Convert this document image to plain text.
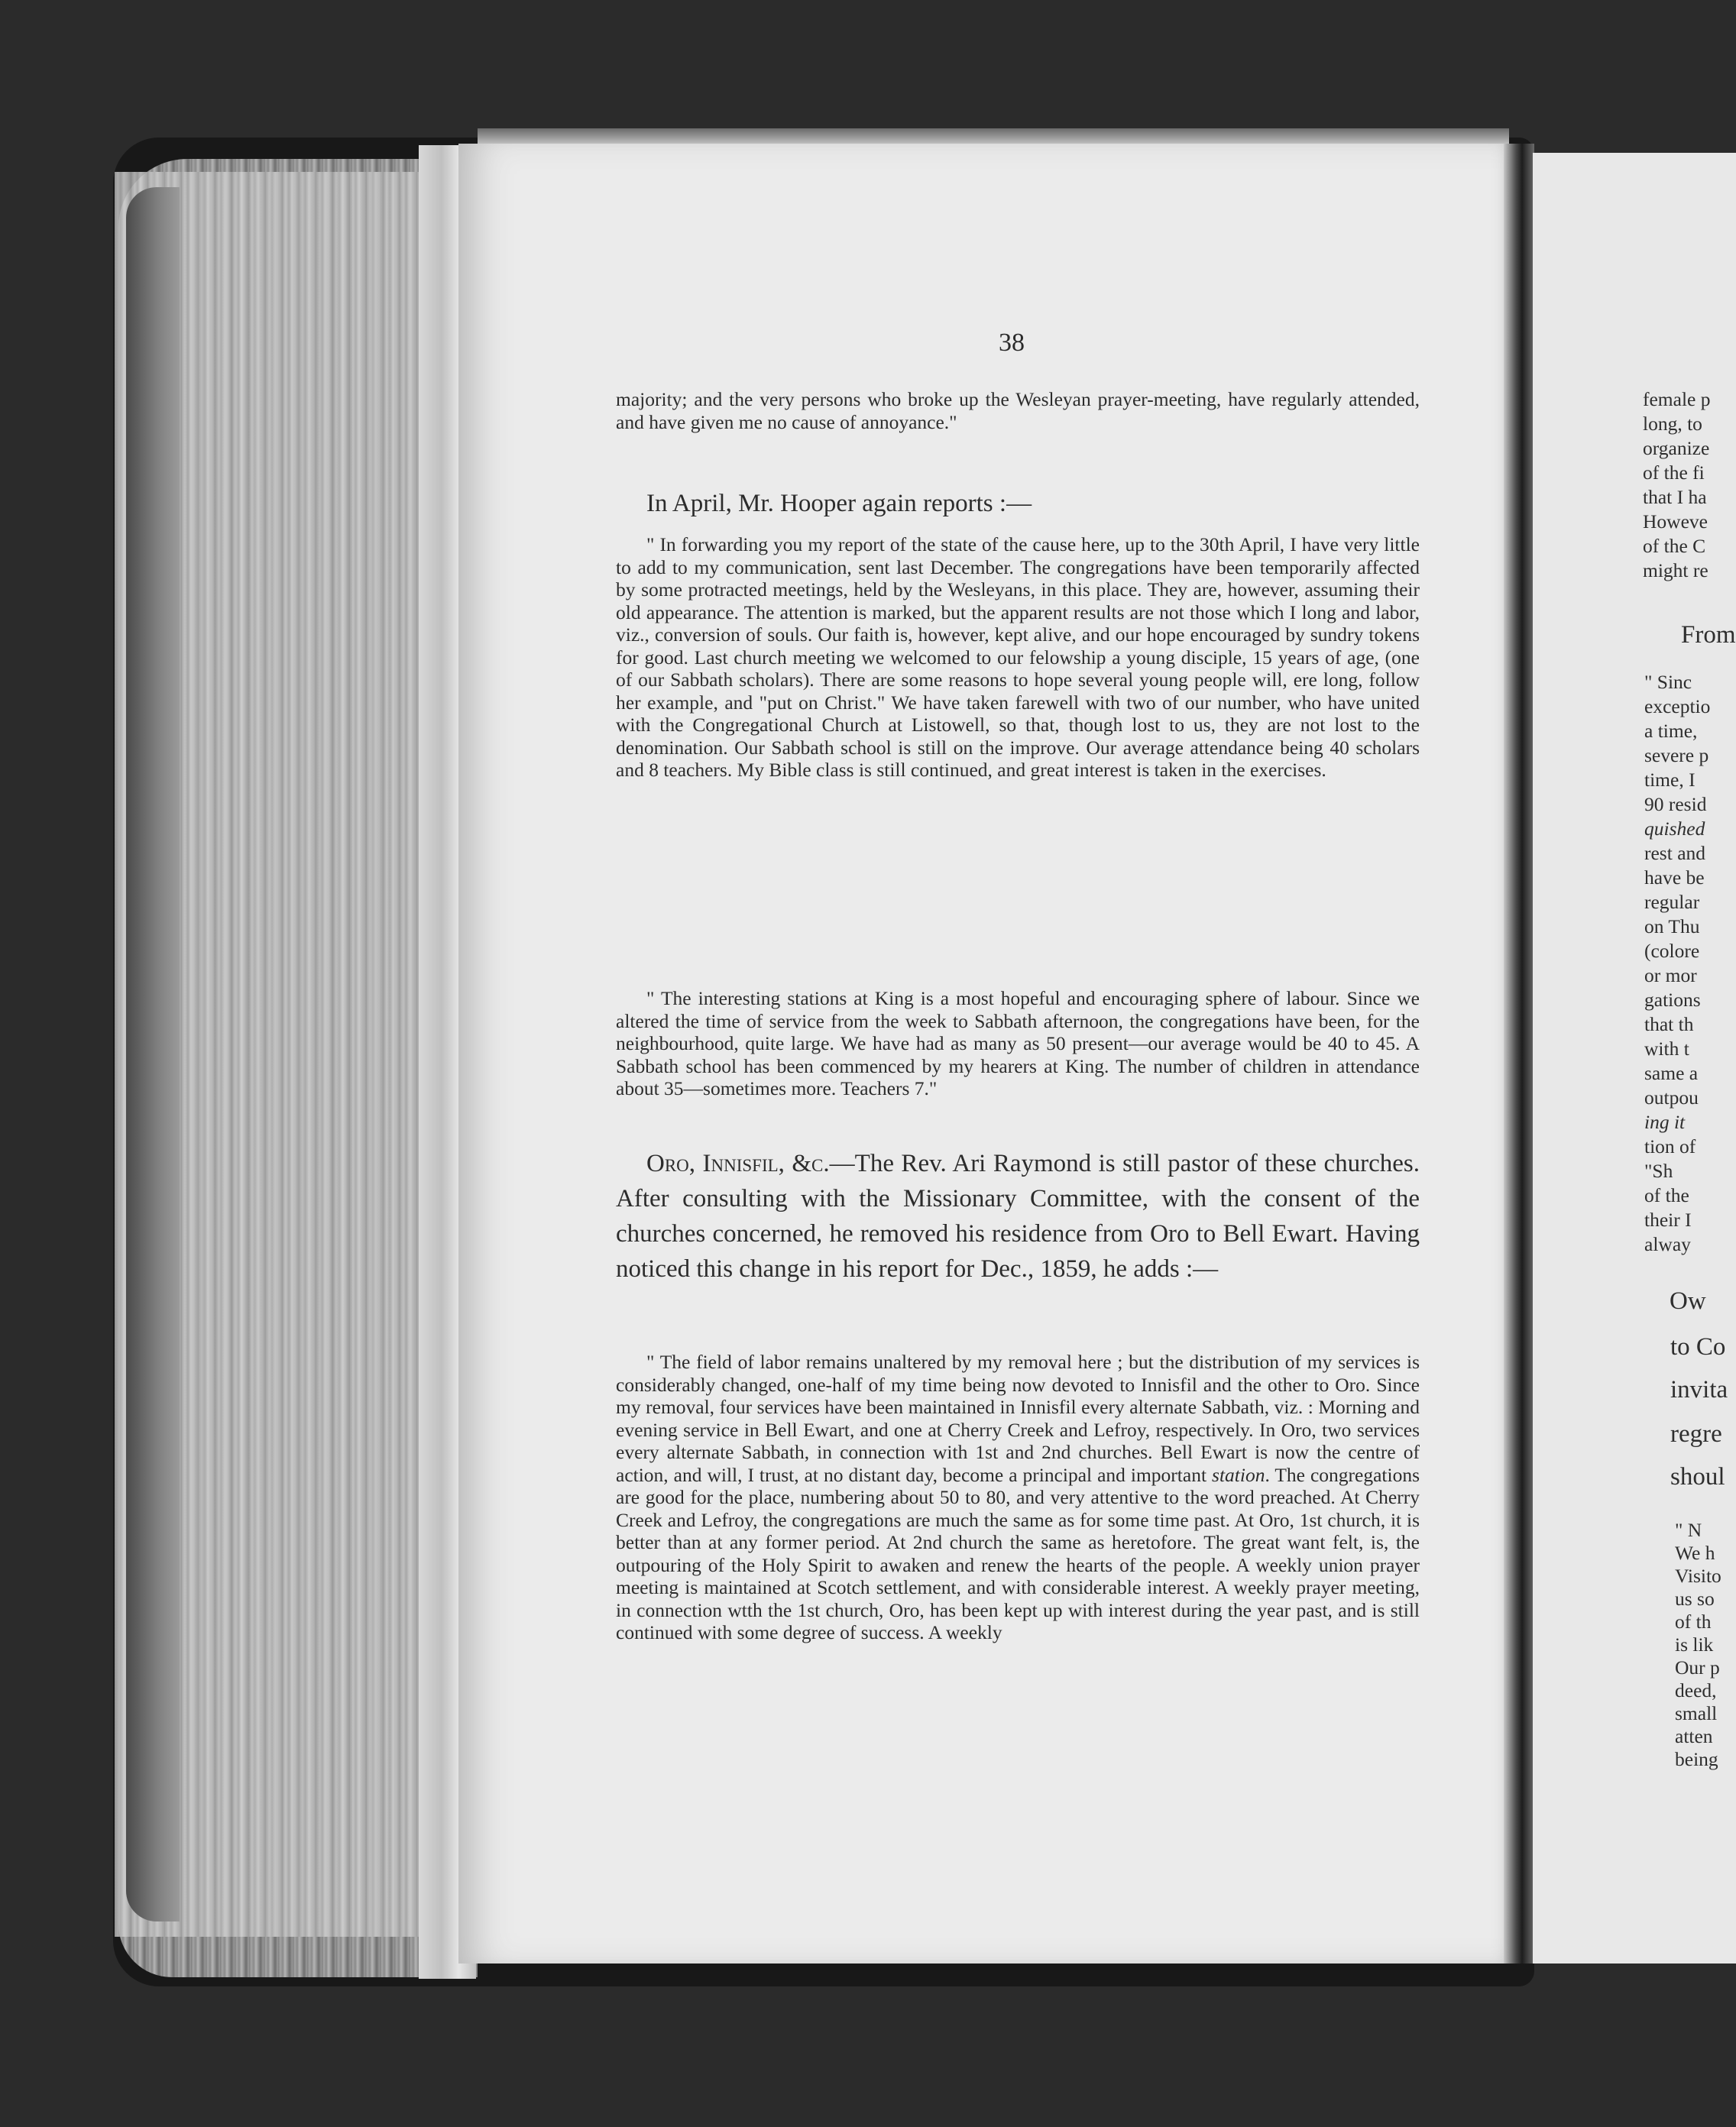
38
majority; and the very persons who broke up the Wesleyan prayer-meeting, have regularly attended, and have given me no cause of annoyance."
In April, Mr. Hooper again reports :—
" In forwarding you my report of the state of the cause here, up to the 30th April, I have very little to add to my communication, sent last December. The congregations have been temporarily affected by some protracted meetings, held by the Wesleyans, in this place. They are, however, assuming their old appearance. The attention is marked, but the apparent results are not those which I long and labor, viz., conversion of souls. Our faith is, however, kept alive, and our hope encouraged by sundry tokens for good. Last church meeting we welcomed to our felowship a young disciple, 15 years of age, (one of our Sabbath scholars). There are some reasons to hope several young people will, ere long, follow her example, and "put on Christ." We have taken farewell with two of our number, who have united with the Congregational Church at Listowell, so that, though lost to us, they are not lost to the denomination. Our Sabbath school is still on the improve. Our average attendance being 40 scholars and 8 teachers. My Bible class is still continued, and great interest is taken in the exercises.
" The interesting stations at King is a most hopeful and encouraging sphere of labour. Since we altered the time of service from the week to Sabbath afternoon, the congregations have been, for the neighbourhood, quite large. We have had as many as 50 present—our average would be 40 to 45. A Sabbath school has been commenced by my hearers at King. The number of children in attendance about 35—sometimes more. Teachers 7."
Oro, Innisfil, &c.—The Rev. Ari Raymond is still pastor of these churches. After consulting with the Missionary Committee, with the consent of the churches concerned, he removed his residence from Oro to Bell Ewart. Having noticed this change in his report for Dec., 1859, he adds :—
" The field of labor remains unaltered by my removal here ; but the distribution of my services is considerably changed, one-half of my time being now devoted to Innisfil and the other to Oro. Since my removal, four services have been maintained in Innisfil every alternate Sabbath, viz. : Morning and evening service in Bell Ewart, and one at Cherry Creek and Lefroy, respectively. In Oro, two services every alternate Sabbath, in connection with 1st and 2nd churches. Bell Ewart is now the centre of action, and will, I trust, at no distant day, become a principal and important station. The congregations are good for the place, numbering about 50 to 80, and very attentive to the word preached. At Cherry Creek and Lefroy, the congregations are much the same as for some time past. At Oro, 1st church, it is better than at any former period. At 2nd church the same as heretofore. The great want felt, is, the outpouring of the Holy Spirit to awaken and renew the hearts of the people. A weekly union prayer meeting is maintained at Scotch settlement, and with considerable interest. A weekly prayer meeting, in connection wtth the 1st church, Oro, has been kept up with interest during the year past, and is still continued with some degree of success. A weekly
female p
long, to
organize
of the fi
that I ha
Howeve
of the C
might re
From
" Sinc
exceptio
a time,
severe p
time, I
90 resid
quished
rest and
have be
regular
on Thu
(colore
or mor
gations
that th
with t
same a
outpou
ing it
tion of
"Sh
of the
their I
alway
Ow
to Co
invita
regre
shoul
" N
We h
Visito
us so
of th
is lik
Our p
deed,
small
atten
being
